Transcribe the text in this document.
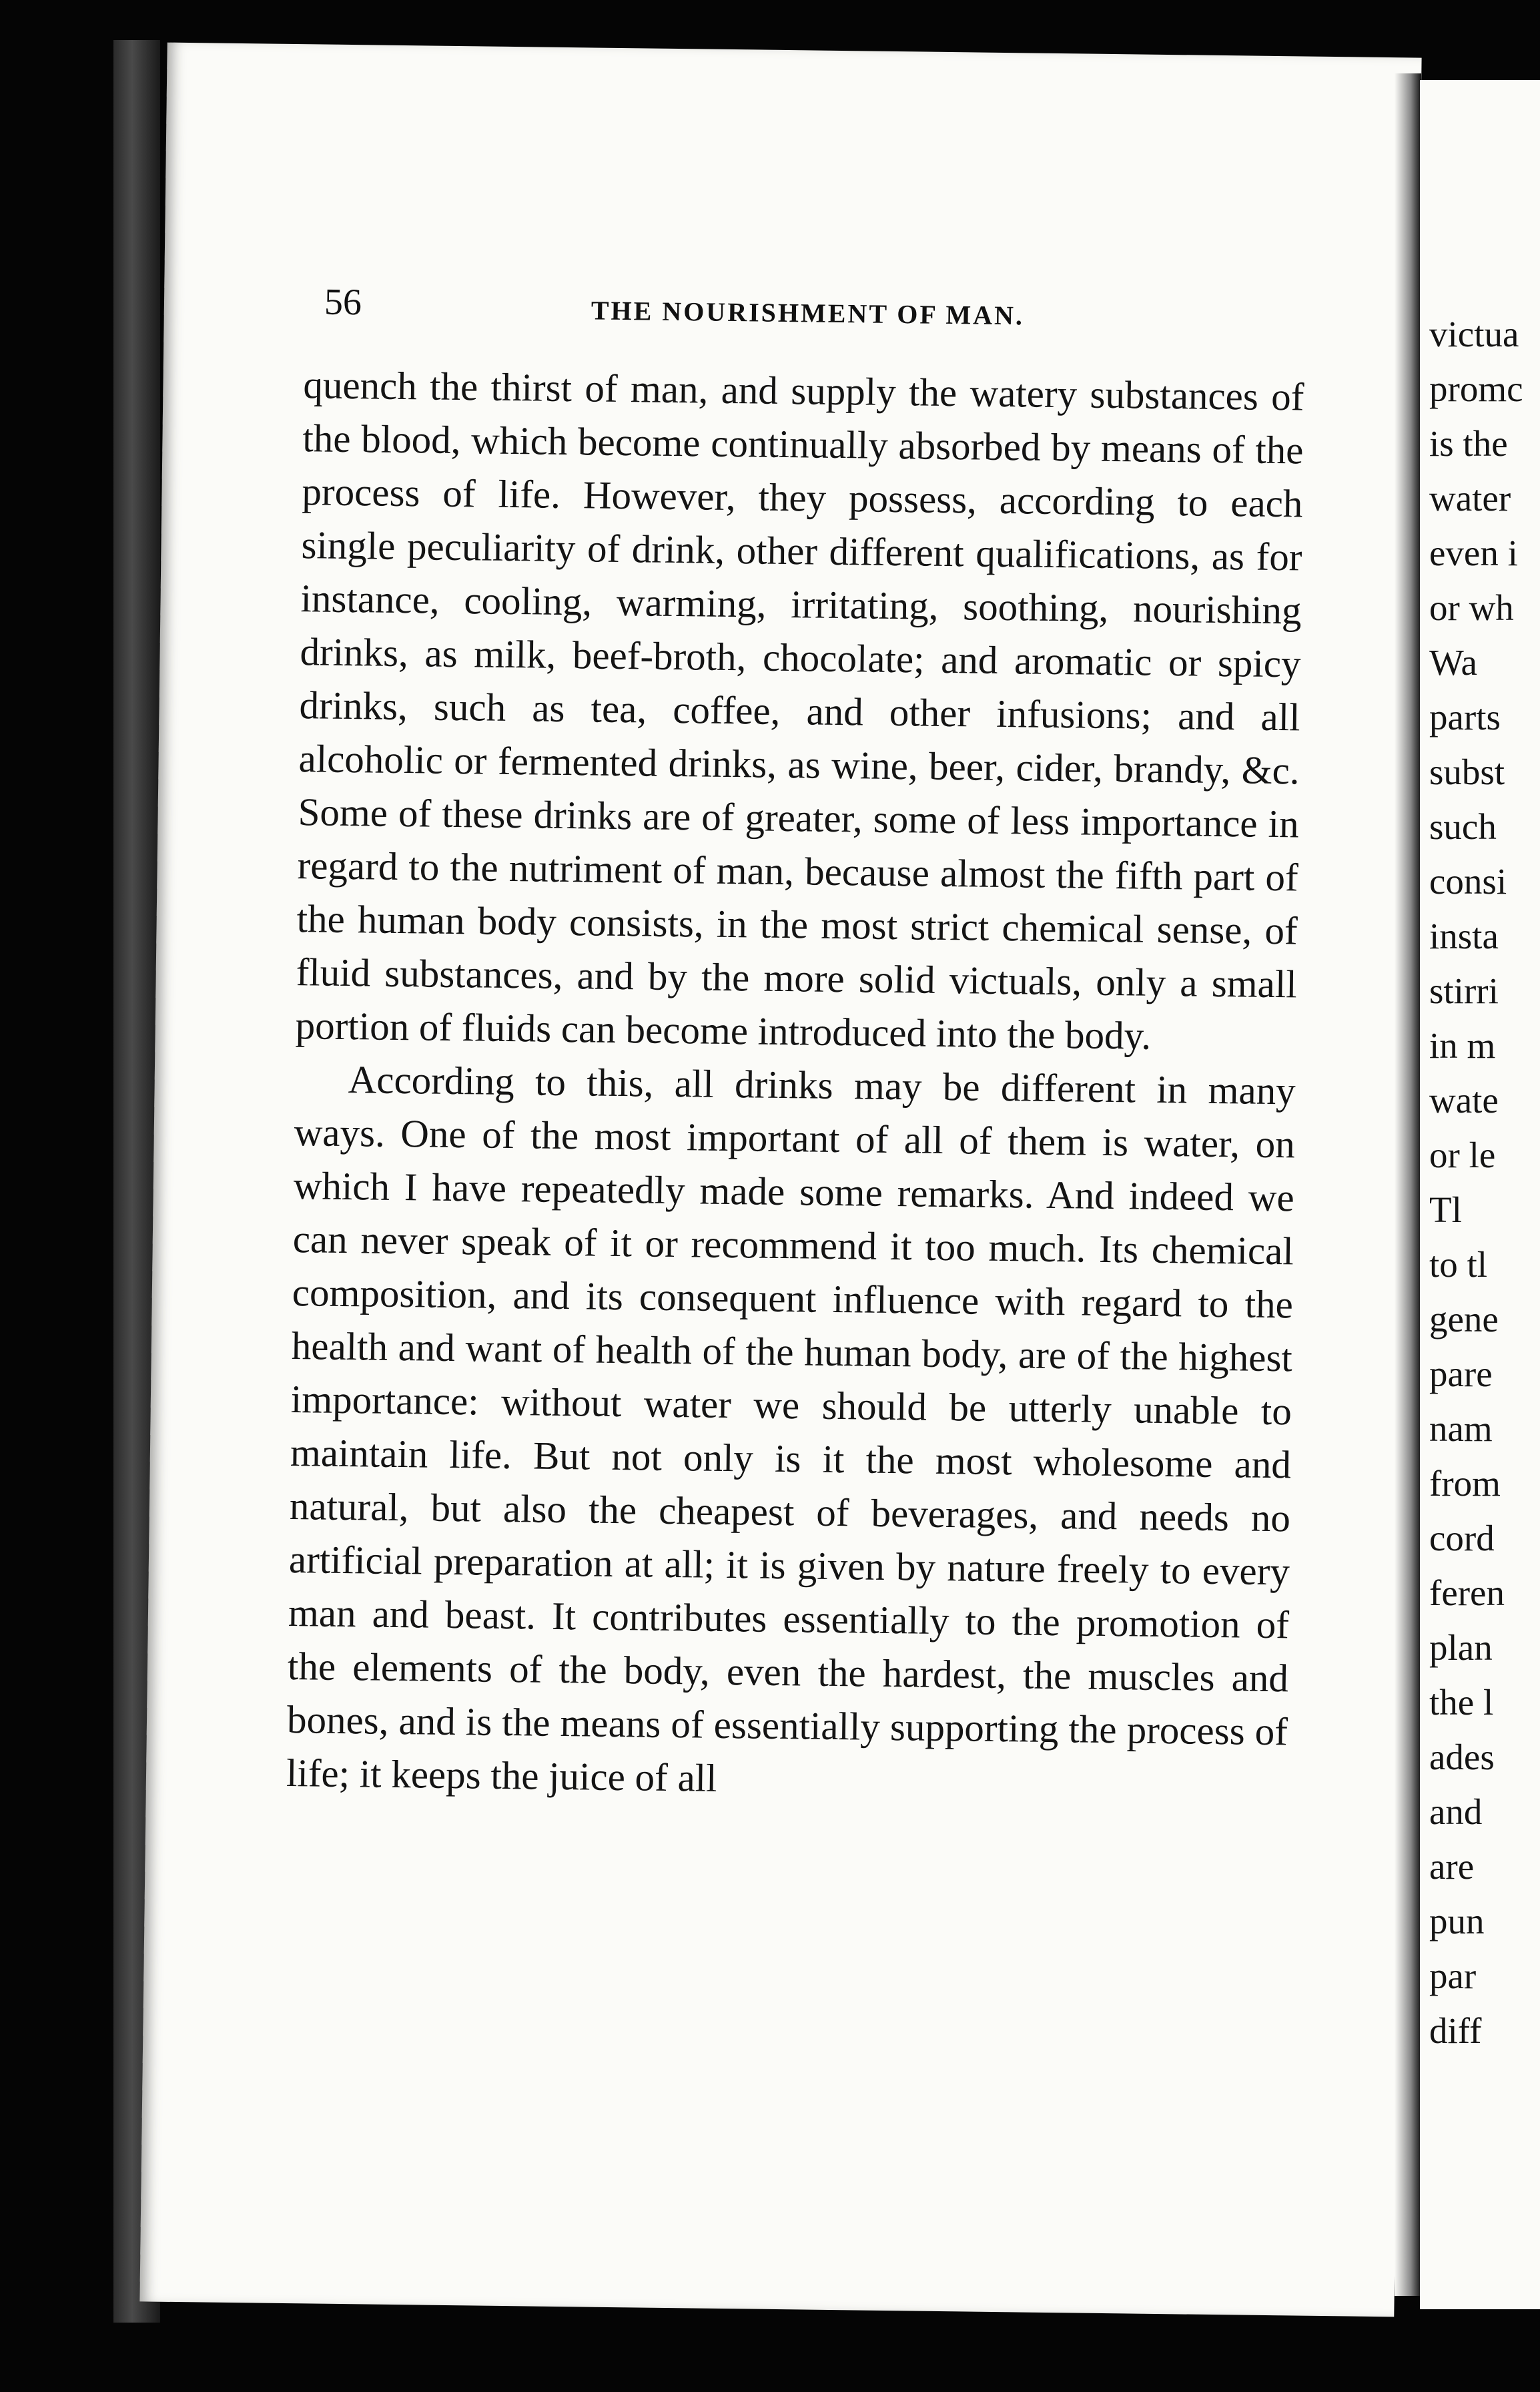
56	THE NOURISHMENT OF MAN.

quench the thirst of man, and supply the watery substances of the blood, which become continually absorbed by means of the process of life. However, they possess, according to each single peculiarity of drink, other different qualifications, as for instance, cooling, warming, irritating, soothing, nourishing drinks, as milk, beef-broth, chocolate; and aromatic or spicy drinks, such as tea, coffee, and other infusions; and all alcoholic or fermented drinks, as wine, beer, cider, brandy, &c. Some of these drinks are of greater, some of less importance in regard to the nutriment of man, because almost the fifth part of the human body consists, in the most strict chemical sense, of fluid substances, and by the more solid victuals, only a small portion of fluids can become introduced into the body.

According to this, all drinks may be different in many ways. One of the most important of all of them is water, on which I have repeatedly made some remarks. And indeed we can never speak of it or recommend it too much. Its chemical composition, and its consequent influence with regard to the health and want of health of the human body, are of the highest importance: without water we should be utterly unable to maintain life. But not only is it the most wholesome and natural, but also the cheapest of beverages, and needs no artificial preparation at all; it is given by nature freely to every man and beast. It contributes essentially to the promotion of the elements of the body, even the hardest, the muscles and bones, and is the means of essentially supporting the process of life; it keeps the juice of all

victua
promc
is the
water
even i
or wh
Wa
parts
subst
such
consi
insta
stirri
in m
wate
or le
Tl
to tl
gene
pare
nam
from
cord
feren
plan
the l
ades
and
are
pun
par
diff
